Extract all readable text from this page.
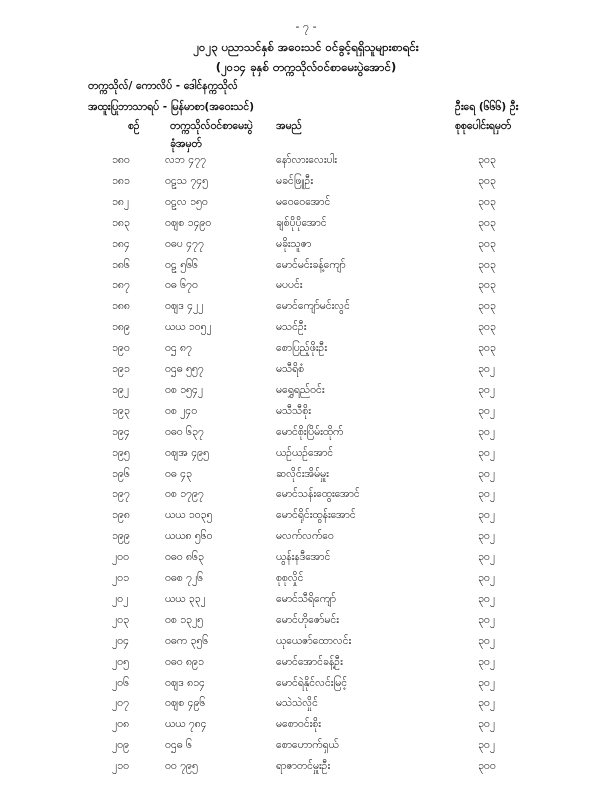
- ၇ -
၂၀၂၃ ပညာသင်နှစ် အဝေးသင် ဝင်ခွင့်ရရှိသူများစာရင်း
(၂၀၁၄ ခုနှစ် တက္ကသိုလ်ဝင်စာမေးပွဲအောင်)
တက္ကသိုလ်/ ကောလိပ် - ဒေါင်နက္ကသိုလ်
အထူးပြုဘာသာရပ် - မြန်မာစာ(အဝေးသင်)	ဦးရေ (၆၆၆) ဦး
စုစုပေါင်းရမှတ်
စဉ်	တက္ကသိုလ်ဝင်စာမေးပွဲ
ခုံအမှတ်
အမည်
၁၈၀	လဘ ၄၇၇	နော်လားလေးပါး	၃၀၃
၁၈၁	ဝဠသ ၇၄၅	မခင်ဖြူဦး	၃၀၃
၁၈၂	ဝဠလ ၁၅၀	မဝေဝေအောင်	၃၀၃
၁၈၃	ဝဈစ ၁၄၉၀	ချစ်ပိုပိုအောင်	၃၀၃
၁၈၄	ဝဓပ ၄၇၇	မခိုးသူဇာ	၃၀၃
၁၈၆	ဝဠ ၅၆၆	မောင်မင်းခန့်ကျော်	၃၀၃
၁၈၇	ဝဓ ၆၇၀	မပပင်း	၃၀၃
၁၈၈	ဝဈဒ ၄၂၂	မောင်ကျော်မင်းလွင်	၃၀၃
၁၈၉	ယယ ၁၀၅၂	မသင်ဦး	၃၀၃
၁၉၀	ဝဌ ၈၇	စောပြည့်ဖိုးဦး	၃၀၃
၁၉၁	ဝဌဓ ၅၅၇	မသီရိစံ	၃၀၂
၁၉၂	ဝစ ၁၅၄၂	မရွှေရည်ဝင်း	၃၀၂
၁၉၃	ဝစ ၂၄၀	မသီသီစိုး	၃၀၂
၁၉၄	ဝဓဝ ၆၃၇	မောင်စိုးပြိမ်းထိုက်	၃၀၂
၁၉၅	ဝဈအ ၄၉၅	ယဉ်ယဉ်အောင်	၃၀၂
၁၉၆	ဝဓ ၄၃	ဆလိုင်းအိမ်မှူး	၃၀၂
၁၉၇	ဝစ ၁၇၉၇	မောင်သန်းထွေးအောင်	၃၀၂
၁၉၈	ယယ ၁၀၃၅	မောင်ရိုင်းထွန်းအောင်	၃၀၂
၁၉၉	ယယ၈ ၅၆၀	မလက်လက်ဝေ	၃၀၂
၂၀၀	ဝဓဝ ၈၆၃	ယွန်းနဒီအောင်	၃၀၂
၂၀၁	ဝဓစ ၇၂၆	စုစုလှိုင်	၃၀၂
၂၀၂	ယယ ၃၃၂	မောင်သီရိကျော်	၃၀၂
၂၀၃	ဝစ ၁၃၂၅	မောင်ဟိုဇော်မင်း	၃၀၂
၂၀၄	ဝဓက ၃၅၆	ယုယေဇာ်ထောလင်း	၃၀၂
၂၀၅	ဝဓဝ ၈၉၁	မောင်အောင်ခန့်ဦး	၃၀၂
၂၀၆	ဝဈဒ ၈၁၄	မောင်ရဲနိုင်လင်းမြင့်	၃၀၂
၂၀၇	ဝဈစ ၄၉၆	မသဲသဲလှိုင်	၃၀၂
၂၀၈	ယယ ၇၈၄	မစောဝင်းစိုး	၃၀၂
၂၀၉	ဝဌဓ ၆	စောဟောက်ရှယ်	၃၀၂
၂၁၀	ဝ၀ ၇၉၅	ရာဇာတင်မှူးဦး	၃၀၀
